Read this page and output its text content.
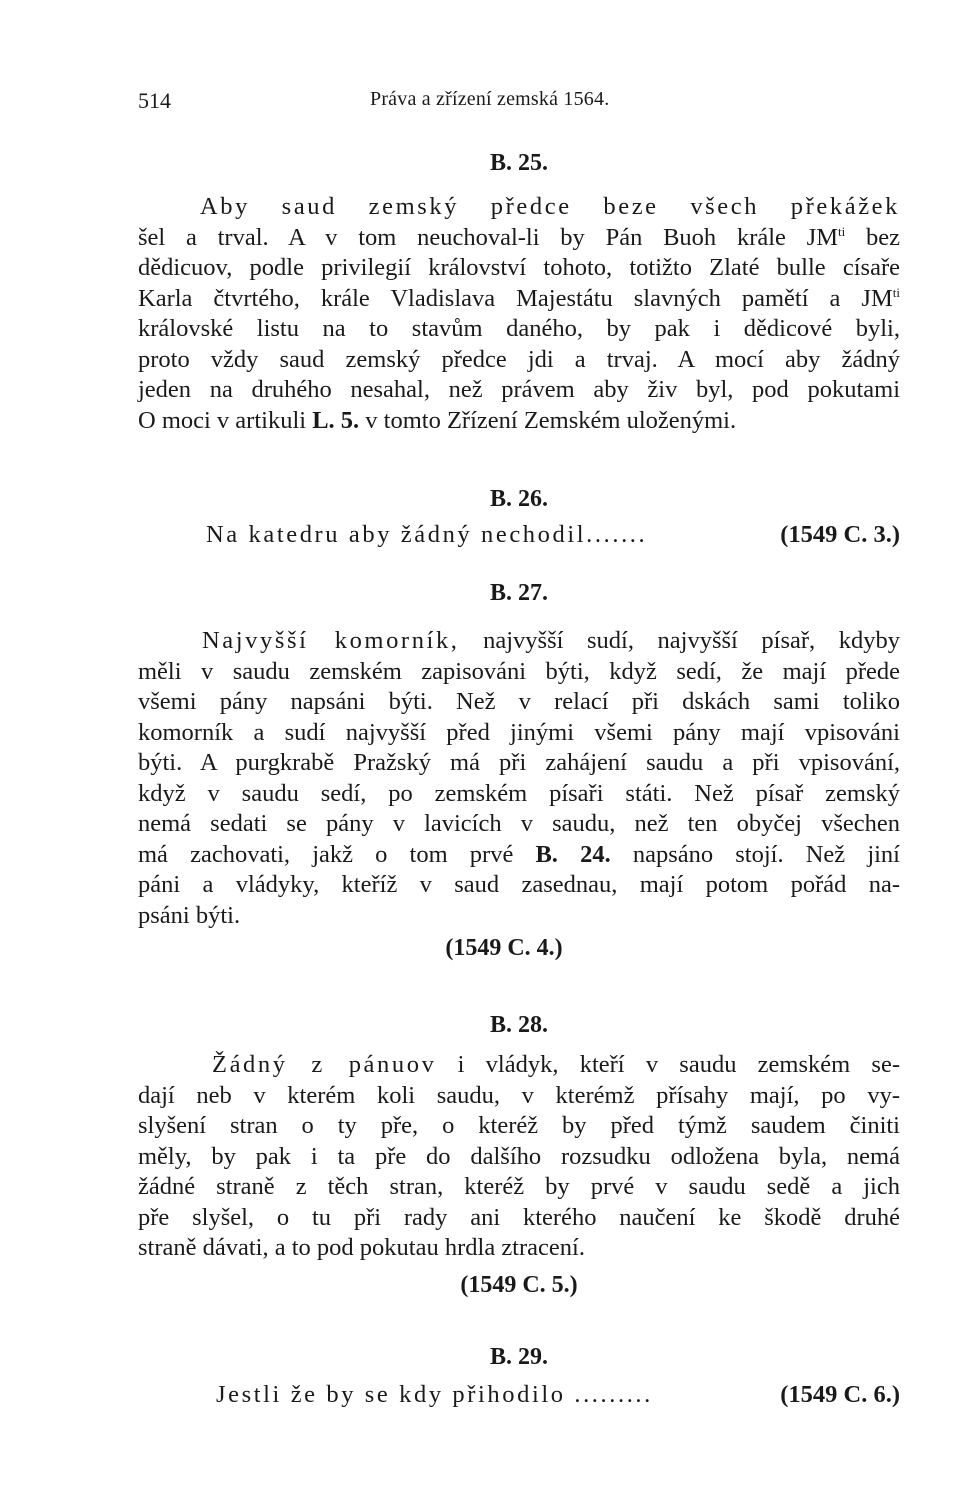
514	Práva a zřízení zemská 1564.
B. 25.
Aby saud zemský předce beze všech překážek
šel a trval. A v tom neuchoval-li by Pán Buoh krále $JM^{ti}$ bez
dědicuov, podle privilegií království tohoto, totižto Zlaté bulle císaře
Karla čtvrtého, krále Vladislava Majestátu slavných pamětí a $JM^{ti}$
královské listu na to stavům daného, by pak i dědicové byli,
proto vždy saud zemský předce jdi a trvaj. A mocí aby žádný
jeden na druhého nesahal, než právem aby živ byl, pod pokutami
O moci v artikuli L. 5. v tomto Zřízení Zemském uloženými.
B. 26.
Na katedru aby žádný nechodil.......	(1549 C. 3.)
B. 27.
Najvyšší komorník, najvyšší sudí, najvyšší písař, kdyby
měli v saudu zemském zapisováni býti, když sedí, že mají přede
všemi pány napsáni býti. Než v relací při dskách sami toliko
komorník a sudí najvyšší před jinými všemi pány mají vpisováni
býti. A purgkrabě Pražský má při zahájení saudu a při vpisování,
když v saudu sedí, po zemském písaři státi. Než písař zemský
nemá sedati se pány v lavicích v saudu, než ten obyčej všechen
má zachovati, jakž o tom prvé B. 24. napsáno stojí. Než jiní
páni a vládyky, kteříž v saud zasednau, mají potom pořád na-
psáni býti.
(1549 C. 4.)
B. 28.
Žádný z pánuov i vládyk, kteří v saudu zemském se-
dají neb v kterém koli saudu, v kterémž přísahy mají, po vy-
slyšení stran o ty pře, o kteréž by před týmž saudem činiti
měly, by pak i ta pře do dalšího rozsudku odložena byla, nemá
žádné straně z těch stran, kteréž by prvé v saudu sedě a jich
pře slyšel, o tu při rady ani kterého naučení ke škodě druhé
straně dávati, a to pod pokutau hrdla ztracení.
(1549 C. 5.)
B. 29.
Jestli že by se kdy přihodilo .........	(1549 C. 6.)
